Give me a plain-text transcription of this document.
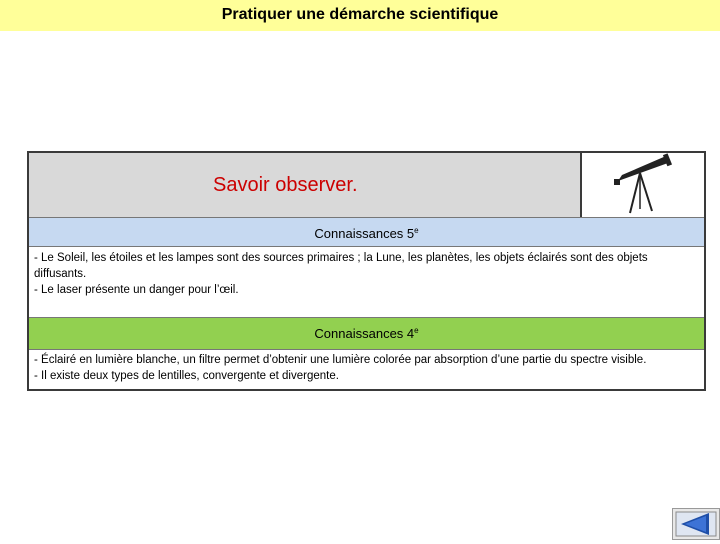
Pratiquer une démarche scientifique
Savoir observer.
Connaissances 5e
- Le Soleil, les étoiles et les lampes sont des sources primaires ; la Lune, les planètes, les objets éclairés sont des objets
diffusants.
- Le laser présente un danger pour l’œil.
Connaissances 4e
- Éclairé en lumière blanche, un filtre permet d’obtenir une lumière colorée par absorption d’une partie du spectre visible.
- Il existe deux types de lentilles, convergente et divergente.
